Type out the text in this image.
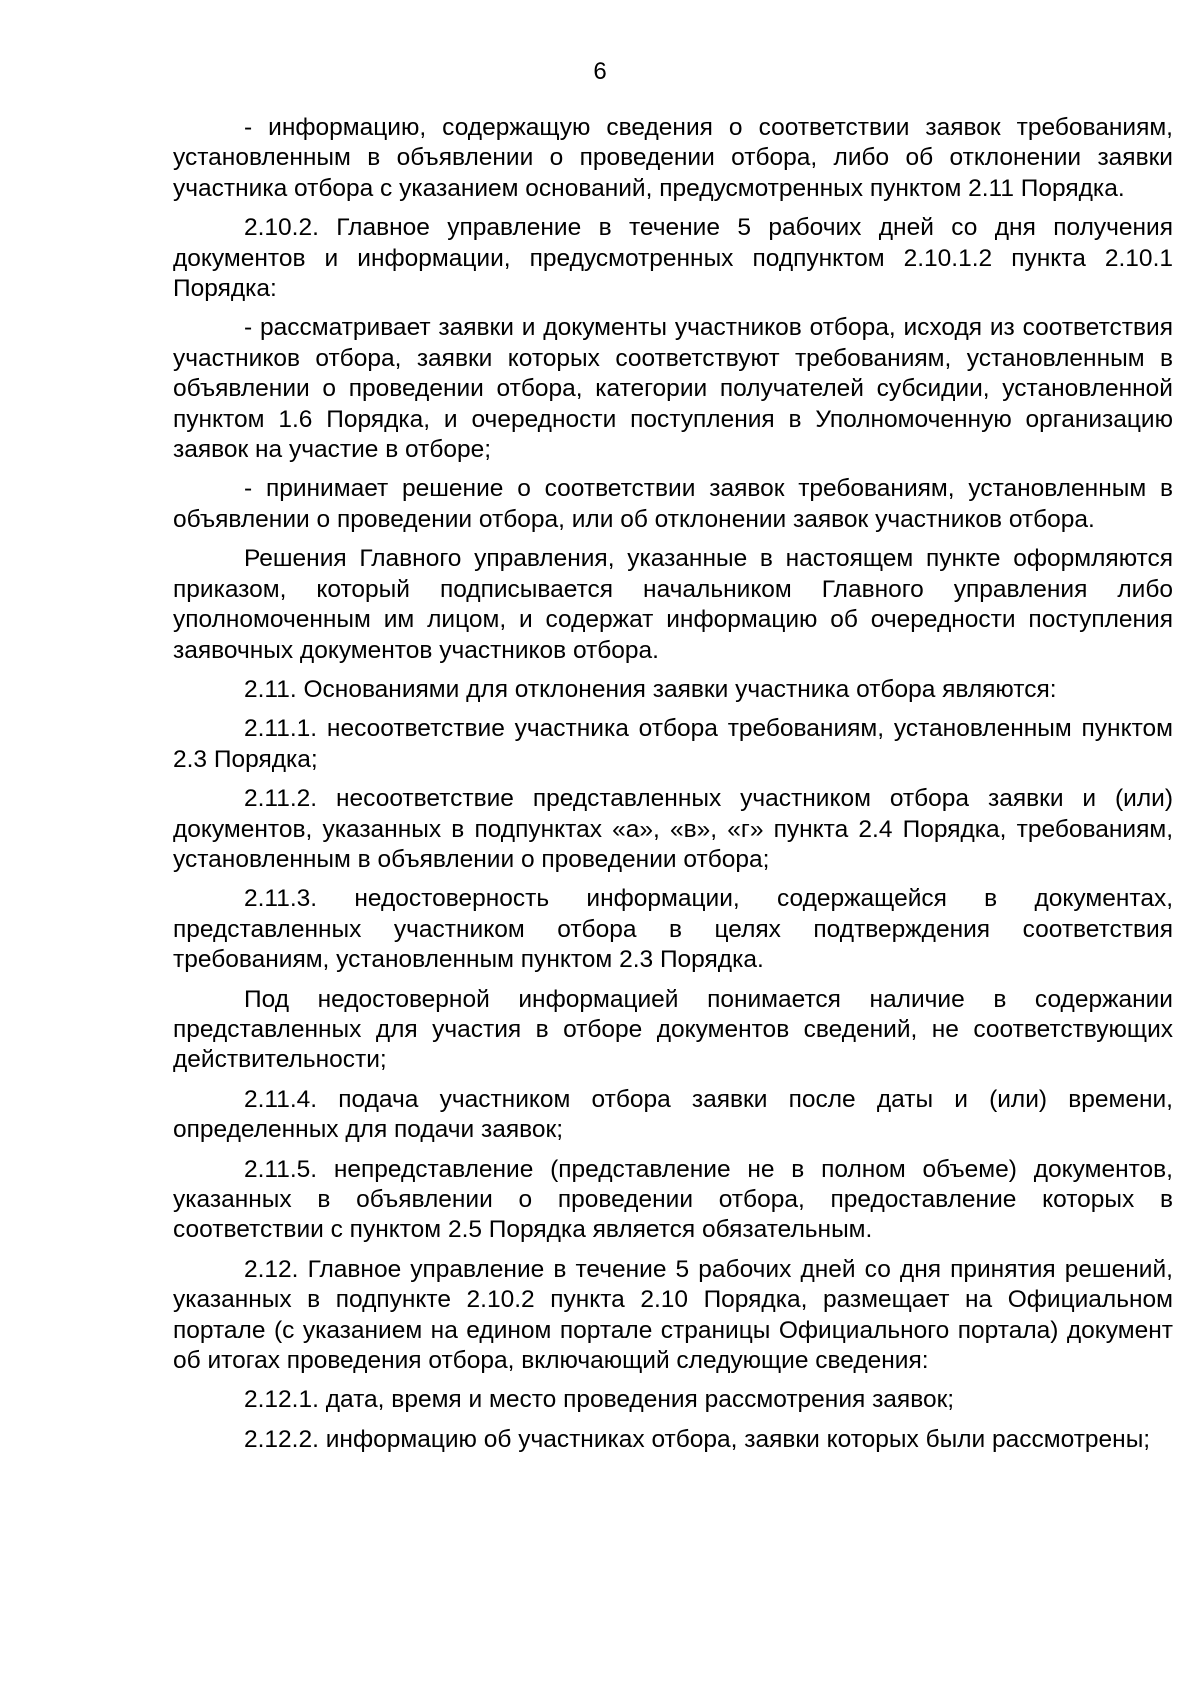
6

- информацию, содержащую сведения о соответствии заявок требованиям, установленным в объявлении о проведении отбора, либо об отклонении заявки участника отбора с указанием оснований, предусмотренных пунктом 2.11 Порядка.

2.10.2. Главное управление в течение 5 рабочих дней со дня получения документов и информации, предусмотренных подпунктом 2.10.1.2 пункта 2.10.1 Порядка:

- рассматривает заявки и документы участников отбора, исходя из соответствия участников отбора, заявки которых соответствуют требованиям, установленным в объявлении о проведении отбора, категории получателей субсидии, установленной пунктом 1.6 Порядка, и очередности поступления в Уполномоченную организацию заявок на участие в отборе;

- принимает решение о соответствии заявок требованиям, установленным в объявлении о проведении отбора, или об отклонении заявок участников отбора.

Решения Главного управления, указанные в настоящем пункте оформляются приказом, который подписывается начальником Главного управления либо уполномоченным им лицом, и содержат информацию об очередности поступления заявочных документов участников отбора.

2.11. Основаниями для отклонения заявки участника отбора являются:

2.11.1. несоответствие участника отбора требованиям, установленным пунктом 2.3 Порядка;

2.11.2. несоответствие представленных участником отбора заявки и (или) документов, указанных в подпунктах «а», «в», «г» пункта 2.4 Порядка, требованиям, установленным в объявлении о проведении отбора;

2.11.3. недостоверность информации, содержащейся в документах, представленных участником отбора в целях подтверждения соответствия требованиям, установленным пунктом 2.3 Порядка.

Под недостоверной информацией понимается наличие в содержании представленных для участия в отборе документов сведений, не соответствующих действительности;

2.11.4. подача участником отбора заявки после даты и (или) времени, определенных для подачи заявок;

2.11.5. непредставление (представление не в полном объеме) документов, указанных в объявлении о проведении отбора, предоставление которых в соответствии с пунктом 2.5 Порядка является обязательным.

2.12. Главное управление в течение 5 рабочих дней со дня принятия решений, указанных в подпункте 2.10.2 пункта 2.10 Порядка, размещает на Официальном портале (с указанием на едином портале страницы Официального портала) документ об итогах проведения отбора, включающий следующие сведения:

2.12.1. дата, время и место проведения рассмотрения заявок;

2.12.2. информацию об участниках отбора, заявки которых были рассмотрены;
